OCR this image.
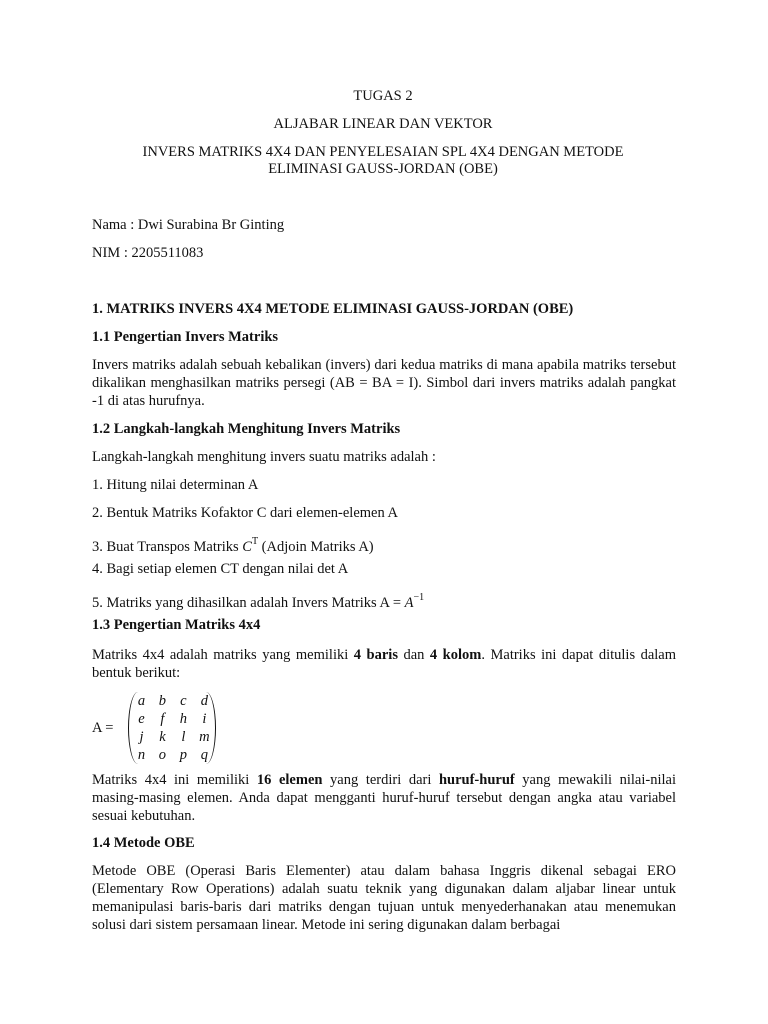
TUGAS 2
ALJABAR LINEAR DAN VEKTOR
INVERS MATRIKS 4X4 DAN PENYELESAIAN SPL 4X4 DENGAN METODE
ELIMINASI GAUSS-JORDAN (OBE)
Nama : Dwi Surabina Br Ginting
NIM : 2205511083
1. MATRIKS INVERS 4X4 METODE ELIMINASI GAUSS-JORDAN (OBE)
1.1 Pengertian Invers Matriks
Invers matriks adalah sebuah kebalikan (invers) dari kedua matriks di mana apabila matriks tersebut dikalikan menghasilkan matriks persegi (AB = BA = I). Simbol dari invers matriks adalah pangkat -1 di atas hurufnya.
1.2 Langkah-langkah Menghitung Invers Matriks
Langkah-langkah menghitung invers suatu matriks adalah :
1. Hitung nilai determinan A
2. Bentuk Matriks Kofaktor C dari elemen-elemen A
3. Buat Transpos Matriks $C^T$ (Adjoin Matriks A)
4. Bagi setiap elemen CT dengan nilai det A
5. Matriks yang dihasilkan adalah Invers Matriks $A = A^{-1}$
1.3 Pengertian Matriks 4x4
Matriks 4x4 adalah matriks yang memiliki 4 baris dan 4 kolom. Matriks ini dapat ditulis dalam bentuk berikut:
A =
a	b	c	d
e	f	h	i
j	k	l	m
n	o	p	q
Matriks 4x4 ini memiliki 16 elemen yang terdiri dari huruf-huruf yang mewakili nilai-nilai masing-masing elemen. Anda dapat mengganti huruf-huruf tersebut dengan angka atau variabel sesuai kebutuhan.
1.4 Metode OBE
Metode OBE (Operasi Baris Elementer) atau dalam bahasa Inggris dikenal sebagai ERO (Elementary Row Operations) adalah suatu teknik yang digunakan dalam aljabar linear untuk memanipulasi baris-baris dari matriks dengan tujuan untuk menyederhanakan atau menemukan solusi dari sistem persamaan linear. Metode ini sering digunakan dalam berbagai
